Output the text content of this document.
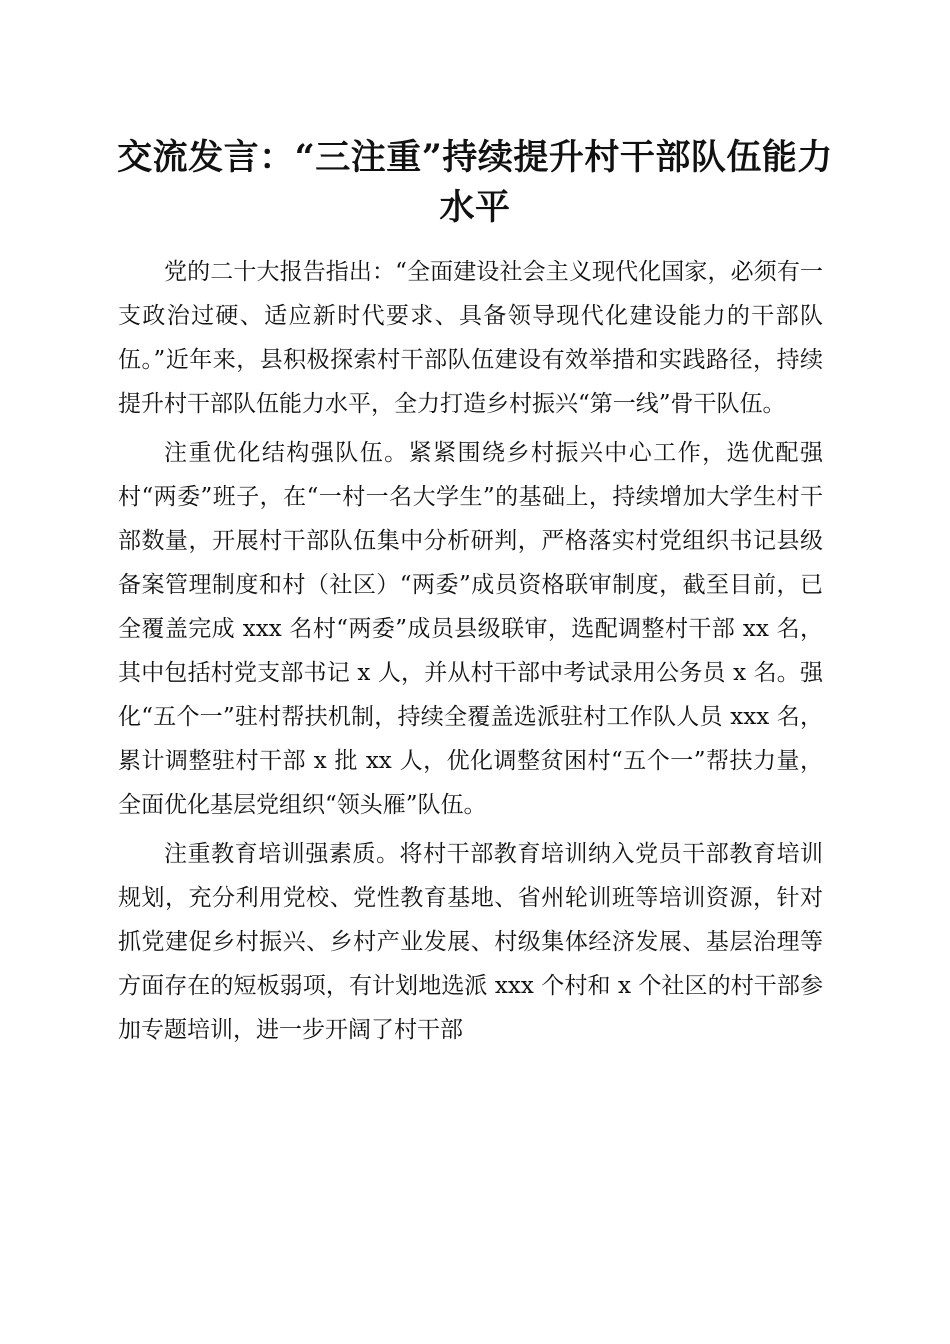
交流发言：“三注重”持续提升村干部队伍能力水平

党的二十大报告指出：“全面建设社会主义现代化国家，必须有一支政治过硬、适应新时代要求、具备领导现代化建设能力的干部队伍。”近年来，县积极探索村干部队伍建设有效举措和实践路径，持续提升村干部队伍能力水平，全力打造乡村振兴“第一线”骨干队伍。

注重优化结构强队伍。紧紧围绕乡村振兴中心工作，选优配强村“两委”班子，在“一村一名大学生”的基础上，持续增加大学生村干部数量，开展村干部队伍集中分析研判，严格落实村党组织书记县级备案管理制度和村（社区）“两委”成员资格联审制度，截至目前，已全覆盖完成 xxx 名村“两委”成员县级联审，选配调整村干部 xx 名，其中包括村党支部书记 x 人，并从村干部中考试录用公务员 x 名。强化“五个一”驻村帮扶机制，持续全覆盖选派驻村工作队人员 xxx 名，累计调整驻村干部 x 批 xx 人，优化调整贫困村“五个一”帮扶力量，全面优化基层党组织“领头雁”队伍。

注重教育培训强素质。将村干部教育培训纳入党员干部教育培训规划，充分利用党校、党性教育基地、省州轮训班等培训资源，针对抓党建促乡村振兴、乡村产业发展、村级集体经济发展、基层治理等方面存在的短板弱项，有计划地选派 xxx 个村和 x 个社区的村干部参加专题培训，进一步开阔了村干部
